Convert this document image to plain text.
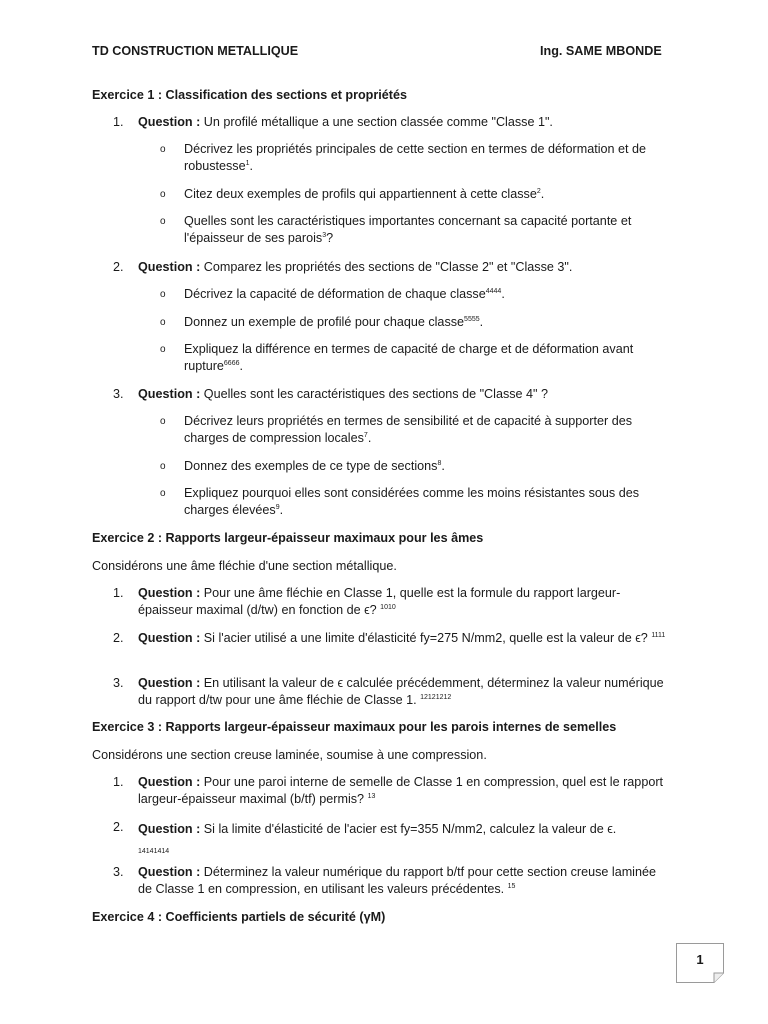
TD CONSTRUCTION METALLIQUE	Ing. SAME MBONDE
Exercice 1 : Classification des sections et propriétés
1. Question : Un profilé métallique a une section classée comme "Classe 1".
o Décrivez les propriétés principales de cette section en termes de déformation et de robustesse$^1$.
o Citez deux exemples de profils qui appartiennent à cette classe$^2$.
o Quelles sont les caractéristiques importantes concernant sa capacité portante et l'épaisseur de ses parois$^3$?
2. Question : Comparez les propriétés des sections de "Classe 2" et "Classe 3".
o Décrivez la capacité de déformation de chaque classe$^{4444}$.
o Donnez un exemple de profilé pour chaque classe$^{5555}$.
o Expliquez la différence en termes de capacité de charge et de déformation avant rupture$^{6666}$.
3. Question : Quelles sont les caractéristiques des sections de "Classe 4" ?
o Décrivez leurs propriétés en termes de sensibilité et de capacité à supporter des charges de compression locales$^7$.
o Donnez des exemples de ce type de sections$^8$.
o Expliquez pourquoi elles sont considérées comme les moins résistantes sous des charges élevées$^9$.
Exercice 2 : Rapports largeur-épaisseur maximaux pour les âmes
Considérons une âme fléchie d'une section métallique.
1. Question : Pour une âme fléchie en Classe 1, quelle est la formule du rapport largeur-épaisseur maximal (d/tw) en fonction de ϵ? $^{1010}$
2. Question : Si l'acier utilisé a une limite d'élasticité fy=275 N/mm2, quelle est la valeur de ϵ? $^{1111}$
3. Question : En utilisant la valeur de ϵ calculée précédemment, déterminez la valeur numérique du rapport d/tw pour une âme fléchie de Classe 1. $^{12121212}$
Exercice 3 : Rapports largeur-épaisseur maximaux pour les parois internes de semelles
Considérons une section creuse laminée, soumise à une compression.
1. Question : Pour une paroi interne de semelle de Classe 1 en compression, quel est le rapport largeur-épaisseur maximal (b/tf) permis? $^{13}$
2. Question : Si la limite d'élasticité de l'acier est fy=355 N/mm2, calculez la valeur de ϵ.
14141414
3. Question : Déterminez la valeur numérique du rapport b/tf pour cette section creuse laminée de Classe 1 en compression, en utilisant les valeurs précédentes. $^{15}$
Exercice 4 : Coefficients partiels de sécurité (γM)
1
